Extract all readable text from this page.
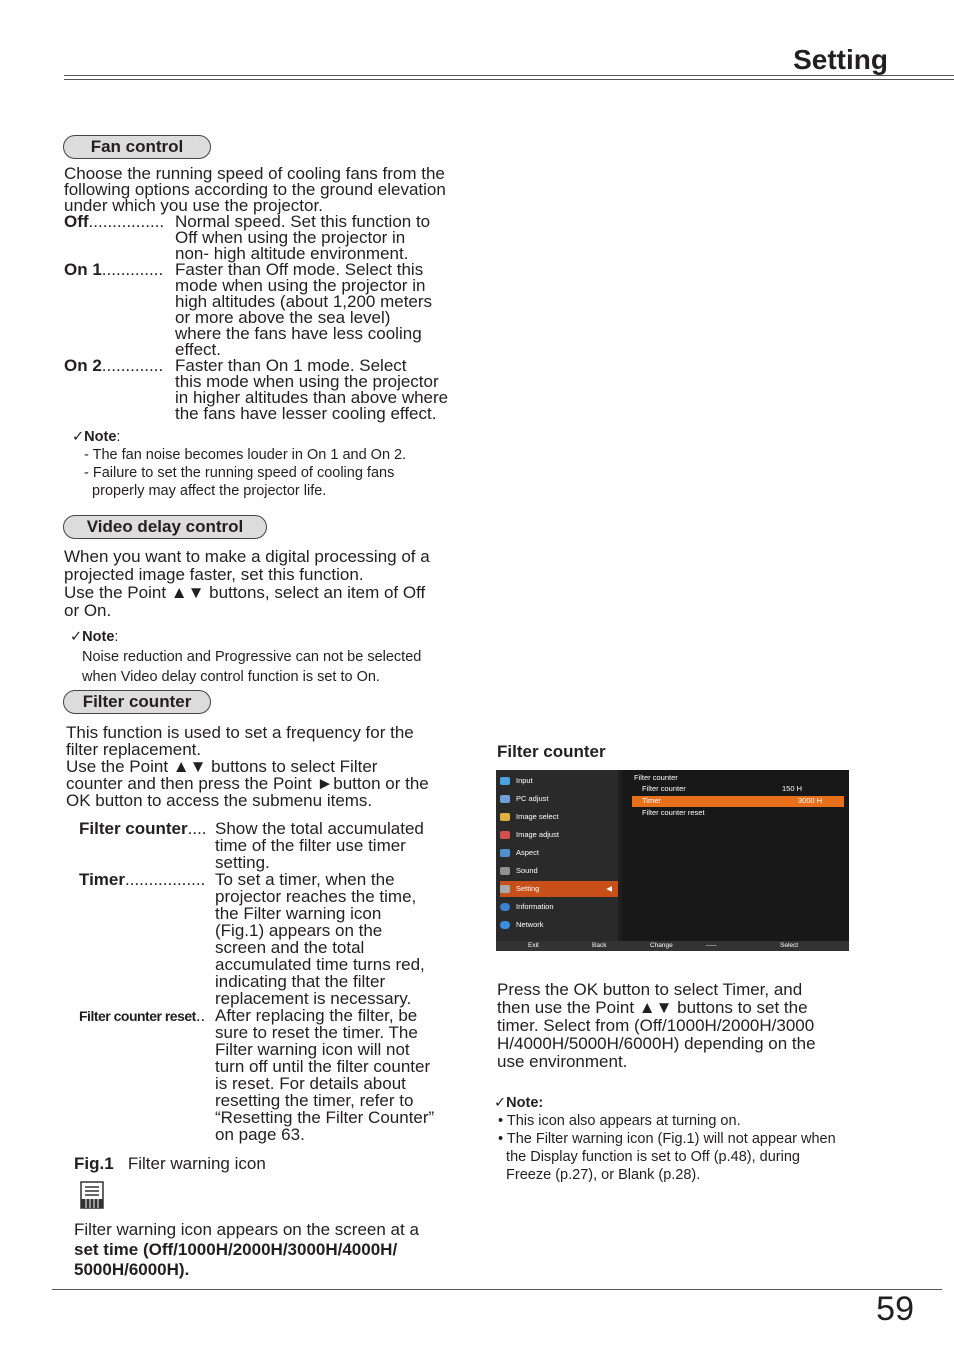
Setting
Fan control

Choose the running speed of cooling fans from the following options according to the ground elevation under which you use the projector.

Off................ Normal speed. Set this function to
Off when using the projector in
non- high altitude environment.
On 1............. Faster than Off mode. Select this
mode when using the projector in
high altitudes (about 1,200 meters
or more above the sea level)
where the fans have less cooling
effect.
On 2............. Faster than On 1 mode. Select
this mode when using the projector
in higher altitudes than above where
the fans have lesser cooling effect.
✓Note:
- The fan noise becomes louder in On 1 and On 2.
- Failure to set the running speed of cooling fans
properly may affect the projector life.
Video delay control

When you want to make a digital processing of a

projected image faster, set this function.

Use the Point ▲▼ buttons, select an item of Off

or On.

✓Note:
Noise reduction and Progressive can not be selected
when Video delay control function is set to On.
Filter counter

This function is used to set a frequency for the

filter replacement.

Use the Point ▲▼ buttons to select Filter

counter and then press the Point ►button or the

OK button to access the submenu items.

Filter counter.... Show the total accumulated
time of the filter use timer
setting.
Timer................. To set a timer, when the
projector reaches the time,
the Filter warning icon
(Fig.1) appears on the
screen and the total
accumulated time turns red,
indicating that the filter
replacement is necessary.
Filter counter reset.. After replacing the filter, be
sure to reset the timer. The
Filter warning icon will not
turn off until the filter counter
is reset. For details about
resetting the timer, refer to
“Resetting the Filter Counter”
on page 63.
Fig.1 Filter warning icon

Filter warning icon appears on the screen at a

set time (Off/1000H/2000H/3000H/4000H/

5000H/6000H).

Filter counter
Input
PC adjust
Image select
Image adjust
Aspect
Sound
Setting	◀
Information
Network
Filter counter
Filter counter	150 H
Timer	3000 H
Filter counter reset
Exit	Back	Change	-----	Select

Press the OK button to select Timer, and

then use the Point ▲▼ buttons to set the

timer. Select from (Off/1000H/2000H/3000

H/4000H/5000H/6000H) depending on the

use environment.

✓Note:
• This icon also appears at turning on.
• The Filter warning icon (Fig.1) will not appear when
the Display function is set to Off (p.48), during
Freeze (p.27), or Blank (p.28).
59
